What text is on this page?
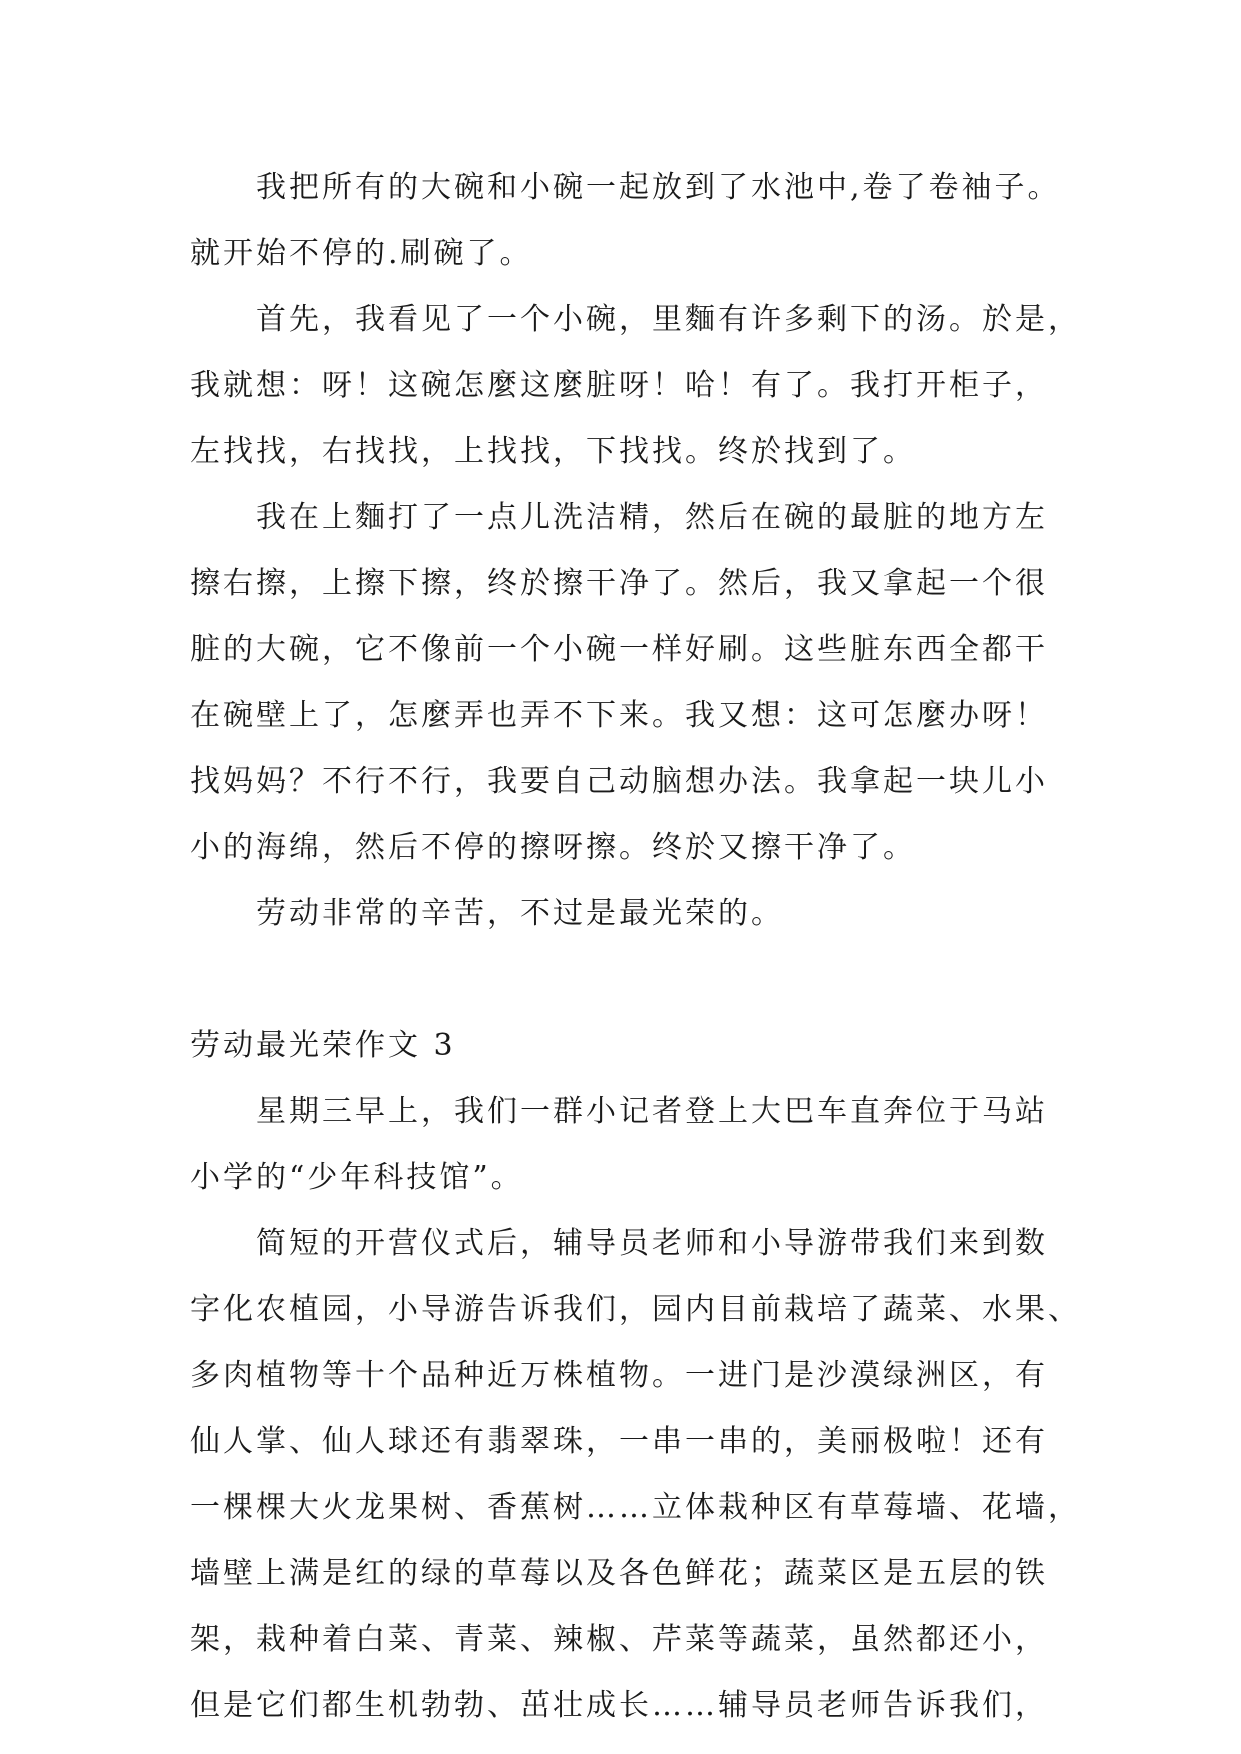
我把所有的大碗和小碗一起放到了水池中,卷了卷袖子。
就开始不停的.刷碗了。
首先，我看见了一个小碗，里麵有许多剩下的汤。於是，
我就想：呀！这碗怎麼这麼脏呀！哈！有了。我打开柜子，
左找找，右找找，上找找，下找找。终於找到了。
我在上麵打了一点儿洗洁精，然后在碗的最脏的地方左
擦右擦，上擦下擦，终於擦干净了。然后，我又拿起一个很
脏的大碗，它不像前一个小碗一样好刷。这些脏东西全都干
在碗壁上了，怎麼弄也弄不下来。我又想：这可怎麼办呀！
找妈妈？不行不行，我要自己动脑想办法。我拿起一块儿小
小的海绵，然后不停的擦呀擦。终於又擦干净了。
劳动非常的辛苦，不过是最光荣的。
劳动最光荣作文 3
星期三早上，我们一群小记者登上大巴车直奔位于马站
小学的“少年科技馆”。
简短的开营仪式后，辅导员老师和小导游带我们来到数
字化农植园，小导游告诉我们，园内目前栽培了蔬菜、水果、
多肉植物等十个品种近万株植物。一进门是沙漠绿洲区，有
仙人掌、仙人球还有翡翠珠，一串一串的，美丽极啦！还有
一棵棵大火龙果树、香蕉树……立体栽种区有草莓墙、花墙，
墙壁上满是红的绿的草莓以及各色鲜花；蔬菜区是五层的铁
架，栽种着白菜、青菜、辣椒、芹菜等蔬菜，虽然都还小，
但是它们都生机勃勃、茁壮成长……辅导员老师告诉我们，
